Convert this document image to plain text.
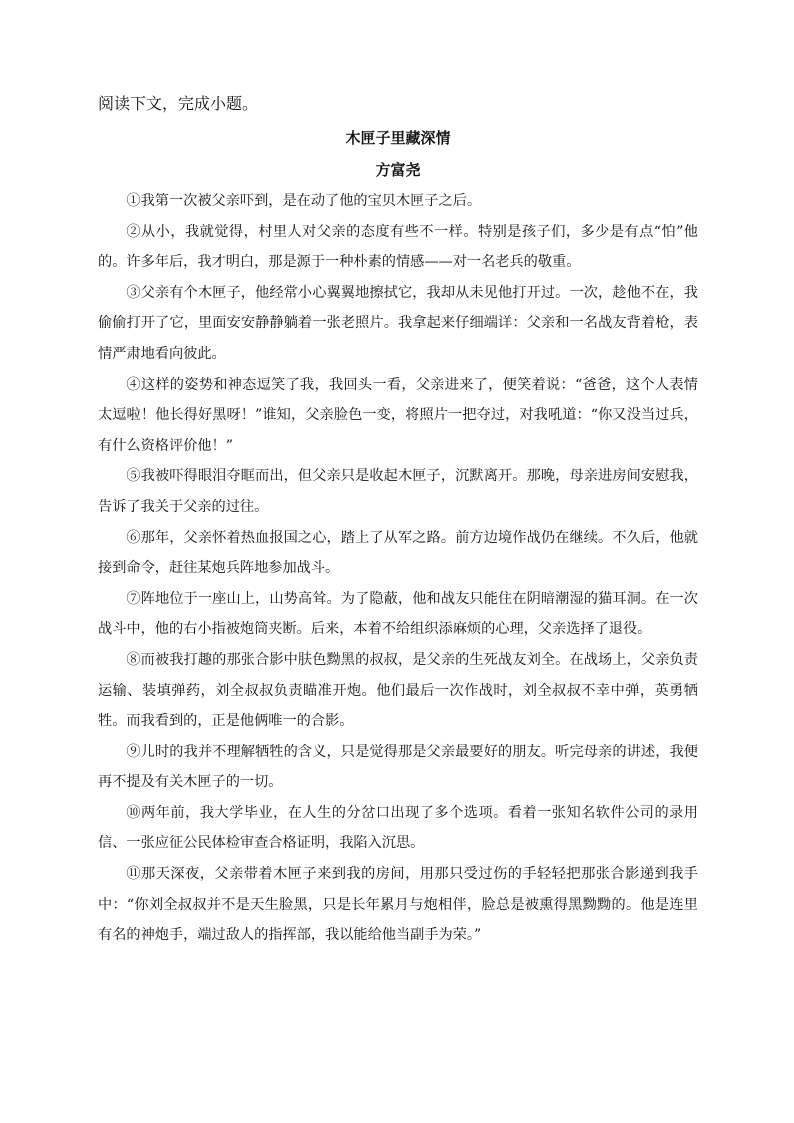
阅读下文，完成小题。
木匣子里藏深情
方富尧

①我第一次被父亲吓到，是在动了他的宝贝木匣子之后。

②从小，我就觉得，村里人对父亲的态度有些不一样。特别是孩子们，多少是有点“怕”他的。许多年后，我才明白，那是源于一种朴素的情感——对一名老兵的敬重。

③父亲有个木匣子，他经常小心翼翼地擦拭它，我却从未见他打开过。一次，趁他不在，我偷偷打开了它，里面安安静静躺着一张老照片。我拿起来仔细端详：父亲和一名战友背着枪，表情严肃地看向彼此。

④这样的姿势和神态逗笑了我，我回头一看，父亲进来了，便笑着说：“爸爸，这个人表情太逗啦！他长得好黑呀！”谁知，父亲脸色一变，将照片一把夺过，对我吼道：“你又没当过兵，有什么资格评价他！”

⑤我被吓得眼泪夺眶而出，但父亲只是收起木匣子，沉默离开。那晚，母亲进房间安慰我，告诉了我关于父亲的过往。

⑥那年，父亲怀着热血报国之心，踏上了从军之路。前方边境作战仍在继续。不久后，他就接到命令，赶往某炮兵阵地参加战斗。

⑦阵地位于一座山上，山势高耸。为了隐蔽，他和战友只能住在阴暗潮湿的猫耳洞。在一次战斗中，他的右小指被炮筒夹断。后来，本着不给组织添麻烦的心理，父亲选择了退役。

⑧而被我打趣的那张合影中肤色黝黑的叔叔，是父亲的生死战友刘全。在战场上，父亲负责运输、装填弹药，刘全叔叔负责瞄准开炮。他们最后一次作战时，刘全叔叔不幸中弹，英勇牺牲。而我看到的，正是他俩唯一的合影。

⑨儿时的我并不理解牺牲的含义，只是觉得那是父亲最要好的朋友。听完母亲的讲述，我便再不提及有关木匣子的一切。

⑩两年前，我大学毕业，在人生的分岔口出现了多个选项。看着一张知名软件公司的录用信、一张应征公民体检审查合格证明，我陷入沉思。

⑪那天深夜，父亲带着木匣子来到我的房间，用那只受过伤的手轻轻把那张合影递到我手中：“你刘全叔叔并不是天生脸黑，只是长年累月与炮相伴，脸总是被熏得黑黝黝的。他是连里有名的神炮手，端过敌人的指挥部，我以能给他当副手为荣。”
